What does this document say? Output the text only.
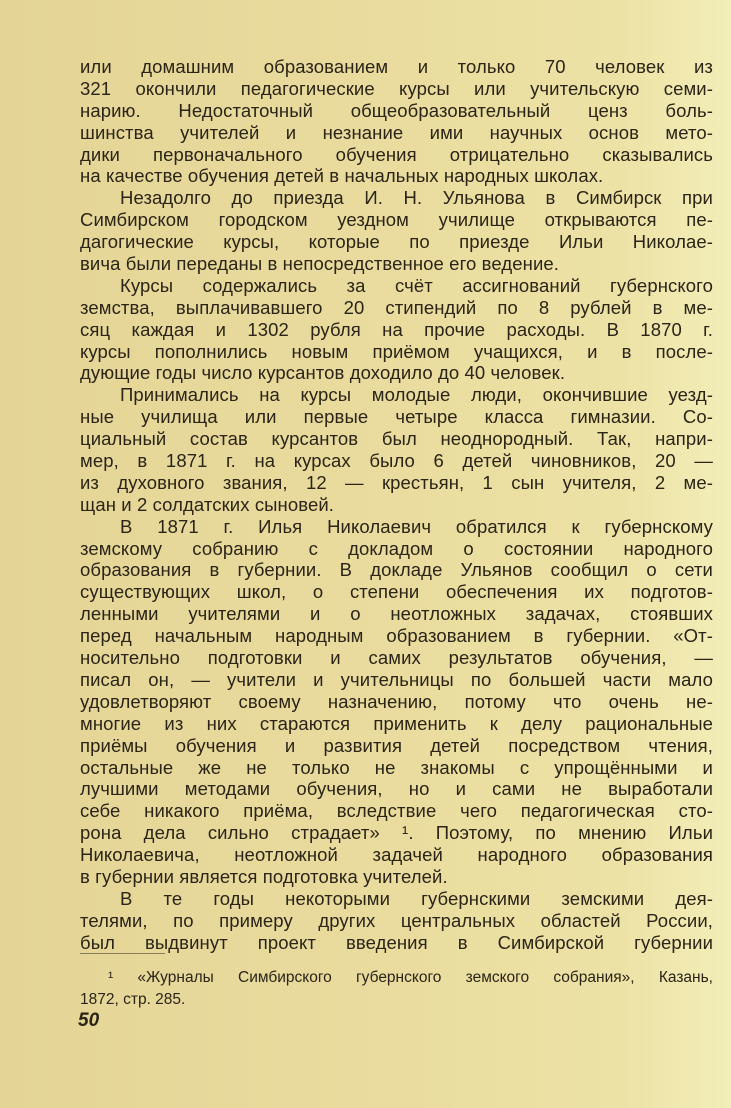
или домашним образованием и только 70 человек из
321 окончили педагогические курсы или учительскую семи-
нарию. Недостаточный общеобразовательный ценз боль-
шинства учителей и незнание ими научных основ мето-
дики первоначального обучения отрицательно сказывались
на качестве обучения детей в начальных народных школах.
Незадолго до приезда И. Н. Ульянова в Симбирск при
Симбирском городском уездном училище открываются пе-
дагогические курсы, которые по приезде Ильи Николае-
вича были переданы в непосредственное его ведение.
Курсы содержались за счёт ассигнований губернского
земства, выплачивавшего 20 стипендий по 8 рублей в ме-
сяц каждая и 1302 рубля на прочие расходы. В 1870 г.
курсы пополнились новым приёмом учащихся, и в после-
дующие годы число курсантов доходило до 40 человек.
Принимались на курсы молодые люди, окончившие уезд-
ные училища или первые четыре класса гимназии. Со-
циальный состав курсантов был неоднородный. Так, напри-
мер, в 1871 г. на курсах было 6 детей чиновников, 20 —
из духовного звания, 12 — крестьян, 1 сын учителя, 2 ме-
щан и 2 солдатских сыновей.
В 1871 г. Илья Николаевич обратился к губернскому
земскому собранию с докладом о состоянии народного
образования в губернии. В докладе Ульянов сообщил о сети
существующих школ, о степени обеспечения их подготов-
ленными учителями и о неотложных задачах, стоявших
перед начальным народным образованием в губернии. «От-
носительно подготовки и самих результатов обучения, —
писал он, — учители и учительницы по большей части мало
удовлетворяют своему назначению, потому что очень не-
многие из них стараются применить к делу рациональные
приёмы обучения и развития детей посредством чтения,
остальные же не только не знакомы с упрощёнными и
лучшими методами обучения, но и сами не выработали
себе никакого приёма, вследствие чего педагогическая сто-
рона дела сильно страдает» ¹. Поэтому, по мнению Ильи
Николаевича, неотложной задачей народного образования
в губернии является подготовка учителей.
В те годы некоторыми губернскими земскими дея-
телями, по примеру других центральных областей России,
был выдвинут проект введения в Симбирской губернии
¹ «Журналы Симбирского губернского земского собрания», Казань,
1872, стр. 285.
50
